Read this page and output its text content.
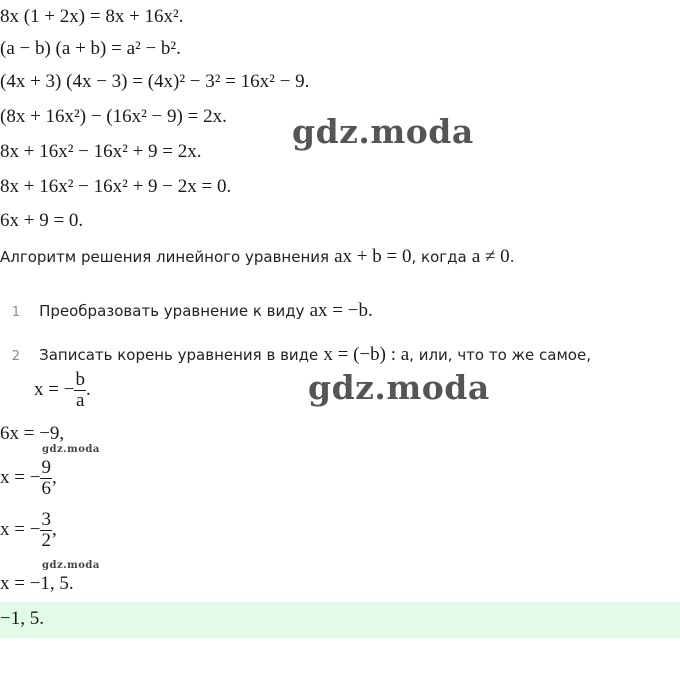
8x (1 + 2x) = 8x + 16x².
(a − b) (a + b) = a² − b².
(4x + 3) (4x − 3) = (4x)² − 3² = 16x² − 9.
(8x + 16x²) − (16x² − 9) = 2x.
8x + 16x² − 16x² + 9 = 2x.
8x + 16x² − 16x² + 9 − 2x = 0.
6x + 9 = 0.
gdz.moda
Алгоритм решения линейного уравнения ax + b = 0, когда a ≠ 0.
1 Преобразовать уравнение к виду ax = −b.
2 Записать корень уравнения в виде x = (−b) : a, или, что то же самое,
x = − $\frac{b}{a}$ .	gdz.moda
6x = −9,
gdz.moda
x = − $\frac{9}{6}$ ,
x = − $\frac{3}{2}$ ,
gdz.moda
x = −1, 5.
−1, 5.
